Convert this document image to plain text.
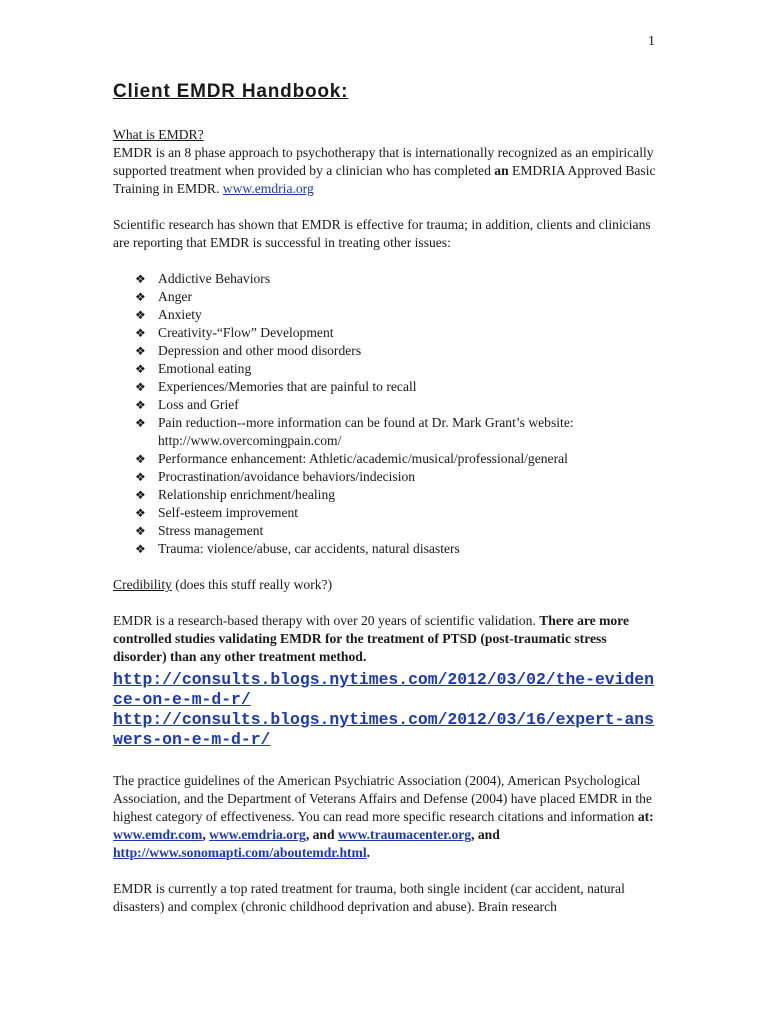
1
Client EMDR Handbook:
What is EMDR?

EMDR is an 8 phase approach to psychotherapy that is internationally recognized as an empirically supported treatment when provided by a clinician who has completed an EMDRIA Approved Basic Training in EMDR. www.emdria.org

Scientific research has shown that EMDR is effective for trauma; in addition, clients and clinicians are reporting that EMDR is successful in treating other issues:

❖ Addictive Behaviors
❖ Anger
❖ Anxiety
❖ Creativity-“Flow” Development
❖ Depression and other mood disorders
❖ Emotional eating
❖ Experiences/Memories that are painful to recall
❖ Loss and Grief
❖ Pain reduction--more information can be found at Dr. Mark Grant’s website: http://www.overcomingpain.com/
❖ Performance enhancement: Athletic/academic/musical/professional/general
❖ Procrastination/avoidance behaviors/indecision
❖ Relationship enrichment/healing
❖ Self-esteem improvement
❖ Stress management
❖ Trauma: violence/abuse, car accidents, natural disasters
Credibility (does this stuff really work?)

EMDR is a research-based therapy with over 20 years of scientific validation. There are more controlled studies validating EMDR for the treatment of PTSD (post-traumatic stress disorder) than any other treatment method.

http://consults.blogs.nytimes.com/2012/03/02/the-evidence-on-e-m-d-r/
http://consults.blogs.nytimes.com/2012/03/16/expert-answers-on-e-m-d-r/

The practice guidelines of the American Psychiatric Association (2004), American Psychological Association, and the Department of Veterans Affairs and Defense (2004) have placed EMDR in the highest category of effectiveness. You can read more specific research citations and information at: www.emdr.com, www.emdria.org, and www.traumacenter.org, and http://www.sonomapti.com/aboutemdr.html.

EMDR is currently a top rated treatment for trauma, both single incident (car accident, natural disasters) and complex (chronic childhood deprivation and abuse). Brain research
